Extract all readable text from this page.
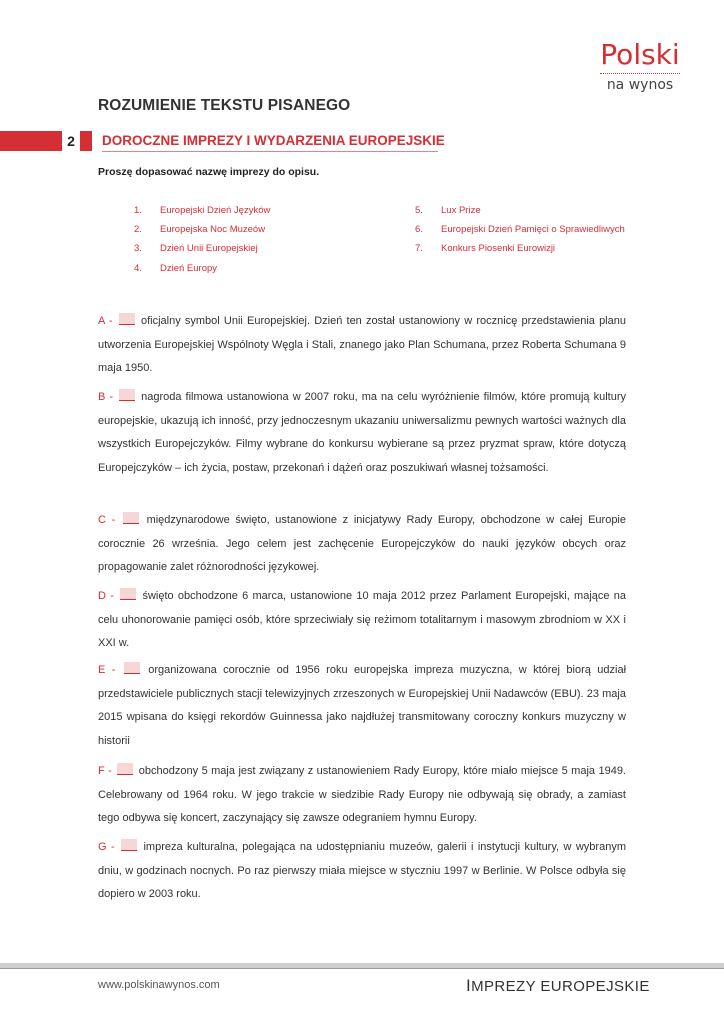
Polski
na wynos
ROZUMIENIE TEKSTU PISANEGO
2	DOROCZNE IMPREZY I WYDARZENIA EUROPEJSKIE
Proszę dopasować nazwę imprezy do opisu.
1. Europejski Dzień Języków
2. Europejska Noc Muzeów
3. Dzień Unii Europejskiej
4. Dzień Europy
5. Lux Prize
6. Europejski Dzień Pamięci o Sprawiedliwych
7. Konkurs Piosenki Eurowizji
A -	oficjalny symbol Unii Europejskiej. Dzień ten został ustanowiony w rocznicę przedstawienia planu utworzenia Europejskiej Wspólnoty Węgla i Stali, znanego jako Plan Schumana, przez Roberta Schumana 9 maja 1950.
B -	nagroda filmowa ustanowiona w 2007 roku, ma na celu wyróżnienie filmów, które promują kultury europejskie, ukazują ich inność, przy jednoczesnym ukazaniu uniwersalizmu pewnych wartości ważnych dla wszystkich Europejczyków. Filmy wybrane do konkursu wybierane są przez pryzmat spraw, które dotyczą Europejczyków – ich życia, postaw, przekonań i dążeń oraz poszukiwań własnej tożsamości.
C -	międzynarodowe święto, ustanowione z inicjatywy Rady Europy, obchodzone w całej Europie corocznie 26 września. Jego celem jest zachęcenie Europejczyków do nauki języków obcych oraz propagowanie zalet różnorodności językowej.
D -	święto obchodzone 6 marca, ustanowione 10 maja 2012 przez Parlament Europejski, mające na celu uhonorowanie pamięci osób, które sprzeciwiały się reżimom totalitarnym i masowym zbrodniom w XX i XXI w.
E -	organizowana corocznie od 1956 roku europejska impreza muzyczna, w której biorą udział przedstawiciele publicznych stacji telewizyjnych zrzeszonych w Europejskiej Unii Nadawców (EBU). 23 maja 2015 wpisana do księgi rekordów Guinnessa jako najdłużej transmitowany coroczny konkurs muzyczny w historii
F - obchodzony 5 maja jest związany z ustanowieniem Rady Europy, które miało miejsce 5 maja 1949. Celebrowany od 1964 roku. W jego trakcie w siedzibie Rady Europy nie odbywają się obrady, a zamiast tego odbywa się koncert, zaczynający się zawsze odegraniem hymnu Europy.
G -	impreza kulturalna, polegająca na udostępnianiu muzeów, galerii i instytucji kultury, w wybranym dniu, w godzinach nocnych. Po raz pierwszy miała miejsce w styczniu 1997 w Berlinie. W Polsce odbyła się dopiero w 2003 roku.
www.polskinawynos.com	IMPREZY EUROPEJSKIE
